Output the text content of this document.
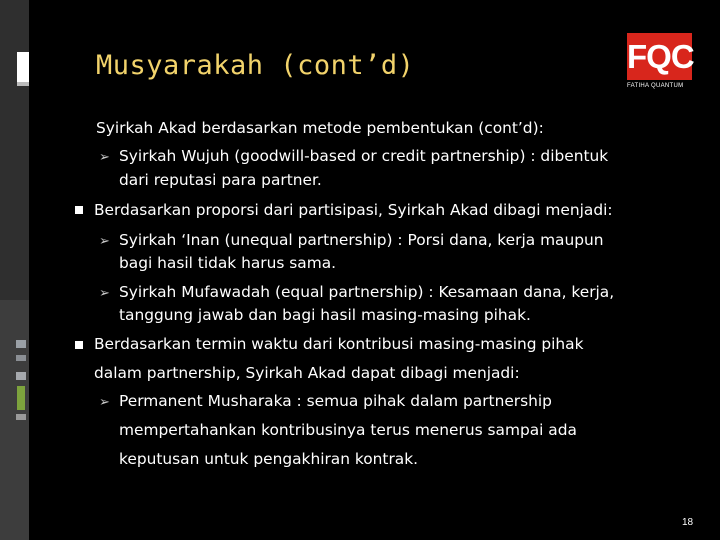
Musyarakah (cont’d)	FQC
FATIHA QUANTUM
Syirkah Akad berdasarkan metode pembentukan (cont’d):
➢ Syirkah Wujuh (goodwill-based or credit partnership) : dibentuk
dari reputasi para partner.
Berdasarkan proporsi dari partisipasi, Syirkah Akad dibagi menjadi:
➢ Syirkah ‘Inan (unequal partnership) : Porsi dana, kerja maupun
bagi hasil tidak harus sama.
➢ Syirkah Mufawadah (equal partnership) : Kesamaan dana, kerja,
tanggung jawab dan bagi hasil masing-masing pihak.
Berdasarkan termin waktu dari kontribusi masing-masing pihak
dalam partnership, Syirkah Akad dapat dibagi menjadi:
➢ Permanent Musharaka : semua pihak dalam partnership
mempertahankan kontribusinya terus menerus sampai ada
keputusan untuk pengakhiran kontrak.
18
